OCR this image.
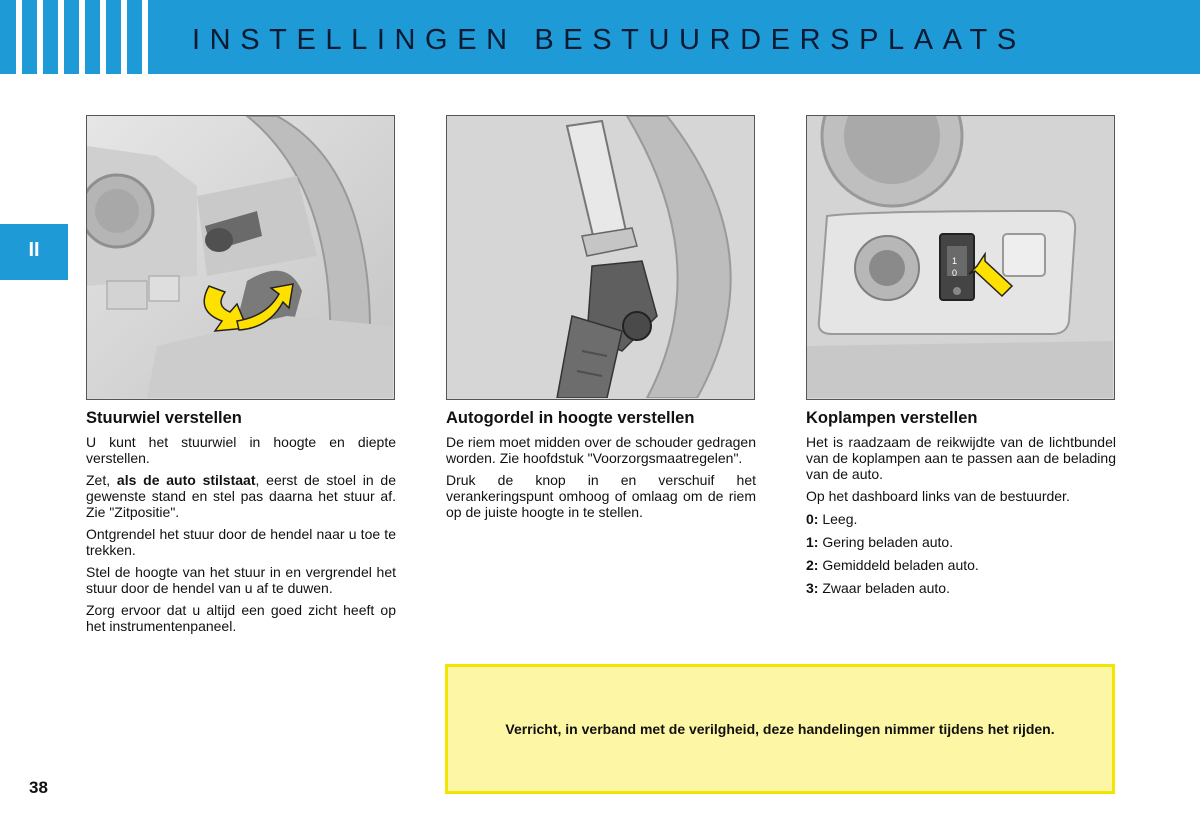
INSTELLINGEN BESTUURDERSPLAATS
II	1
0
Stuurwiel verstellen

U kunt het stuurwiel in hoogte en diepte verstellen.

Zet, als de auto stilstaat, eerst de stoel in de gewenste stand en stel pas daarna het stuur af. Zie "Zitpositie".

Ontgrendel het stuur door de hendel naar u toe te trekken.

Stel de hoogte van het stuur in en vergrendel het stuur door de hendel van u af te duwen.

Zorg ervoor dat u altijd een goed zicht heeft op het instrumentenpaneel.

Autogordel in hoogte verstellen

De riem moet midden over de schouder gedragen worden. Zie hoofdstuk "Voorzorgsmaatregelen".

Druk de knop in en verschuif het verankeringspunt omhoog of omlaag om de riem op de juiste hoogte in te stellen.

Koplampen verstellen

Het is raadzaam de reikwijdte van de lichtbundel van de koplampen aan te passen aan de belading van de auto.

Op het dashboard links van de bestuurder.

0: Leeg.

1: Gering beladen auto.

2: Gemiddeld beladen auto.

3: Zwaar beladen auto.

Verricht, in verband met de verilgheid, deze handelingen nimmer tijdens het rijden.
38
